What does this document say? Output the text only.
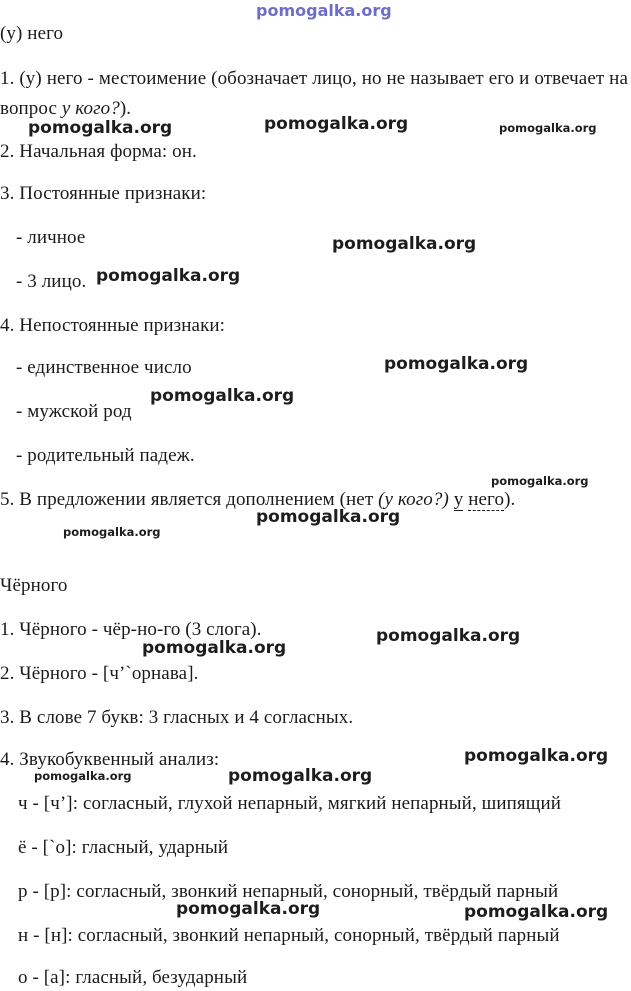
(у) него
1. (у) него - местоимение (обозначает лицо, но не называет его и отвечает на вопрос у кого?).
2. Начальная форма: он.
3. Постоянные признаки:
- личное
- 3 лицо.
4. Непостоянные признаки:
- единственное число
- мужской род
- родительный падеж.
5. В предложении является дополнением (нет (у кого?) у него).
Чёрного
1. Чёрного - чёр-но-го (3 слога).
2. Чёрного - [ч’`орнава].
3. В слове 7 букв: 3 гласных и 4 согласных.
4. Звукобуквенный анализ:
ч - [ч’]: согласный, глухой непарный, мягкий непарный, шипящий
ё - [`о]: гласный, ударный
р - [р]: согласный, звонкий непарный, сонорный, твёрдый парный
н - [н]: согласный, звонкий непарный, сонорный, твёрдый парный
о - [а]: гласный, безударный
pomogalka.org
pomogalka.org	pomogalka.org	pomogalka.org
pomogalka.org
pomogalka.org
pomogalka.org
pomogalka.org
pomogalka.org
pomogalka.org
pomogalka.org
pomogalka.org
pomogalka.org
pomogalka.org
pomogalka.org	pomogalka.org
pomogalka.org	pomogalka.org
